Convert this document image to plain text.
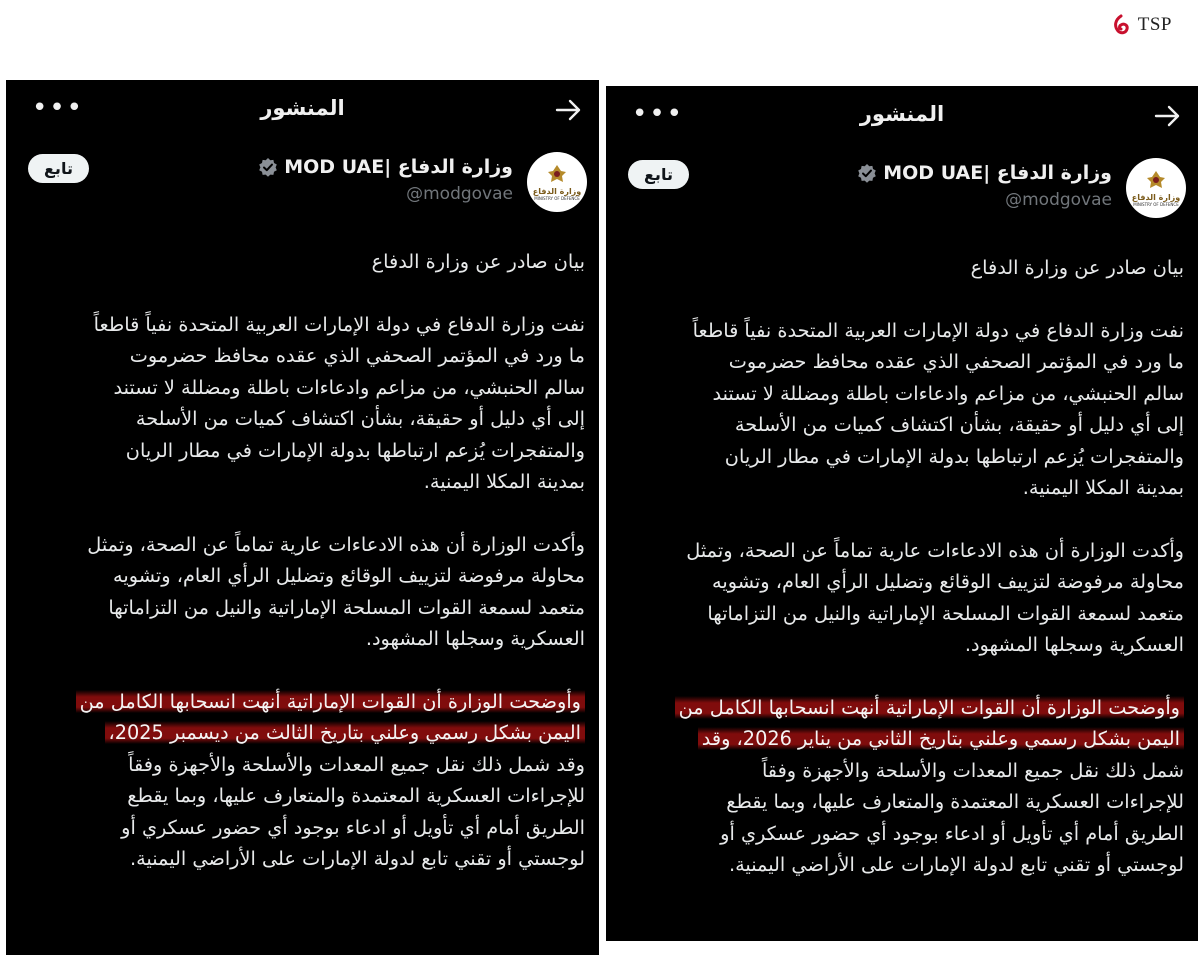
TSP
المنشور
•••
وزارة الدفاع
MINISTRY OF DEFENCE
وزارة الدفاع |MOD UAE
@modgovae
تابع

بيان صادر عن وزارة الدفاع

نفت وزارة الدفاع في دولة الإمارات العربية المتحدة نفياً قاطعاً
ما ورد في المؤتمر الصحفي الذي عقده محافظ حضرموت
سالم الحنبشي، من مزاعم وادعاءات باطلة ومضللة لا تستند
إلى أي دليل أو حقيقة، بشأن اكتشاف كميات من الأسلحة
والمتفجرات يُزعم ارتباطها بدولة الإمارات في مطار الريان
بمدينة المكلا اليمنية.

وأكدت الوزارة أن هذه الادعاءات عارية تماماً عن الصحة، وتمثل
محاولة مرفوضة لتزييف الوقائع وتضليل الرأي العام، وتشويه
متعمد لسمعة القوات المسلحة الإماراتية والنيل من التزاماتها
العسكرية وسجلها المشهود.

وأوضحت الوزارة أن القوات الإماراتية أنهت انسحابها الكامل من
اليمن بشكل رسمي وعلني بتاريخ الثالث من ديسمبر 2025،
وقد شمل ذلك نقل جميع المعدات والأسلحة والأجهزة وفقاً
للإجراءات العسكرية المعتمدة والمتعارف عليها، وبما يقطع
الطريق أمام أي تأويل أو ادعاء بوجود أي حضور عسكري أو
لوجستي أو تقني تابع لدولة الإمارات على الأراضي اليمنية.

المنشور
•••
وزارة الدفاع
MINISTRY OF DEFENCE
وزارة الدفاع |MOD UAE
@modgovae
تابع

بيان صادر عن وزارة الدفاع

نفت وزارة الدفاع في دولة الإمارات العربية المتحدة نفياً قاطعاً
ما ورد في المؤتمر الصحفي الذي عقده محافظ حضرموت
سالم الحنبشي، من مزاعم وادعاءات باطلة ومضللة لا تستند
إلى أي دليل أو حقيقة، بشأن اكتشاف كميات من الأسلحة
والمتفجرات يُزعم ارتباطها بدولة الإمارات في مطار الريان
بمدينة المكلا اليمنية.

وأكدت الوزارة أن هذه الادعاءات عارية تماماً عن الصحة، وتمثل
محاولة مرفوضة لتزييف الوقائع وتضليل الرأي العام، وتشويه
متعمد لسمعة القوات المسلحة الإماراتية والنيل من التزاماتها
العسكرية وسجلها المشهود.

وأوضحت الوزارة أن القوات الإماراتية أنهت انسحابها الكامل من
اليمن بشكل رسمي وعلني بتاريخ الثاني من يناير 2026، وقد
شمل ذلك نقل جميع المعدات والأسلحة والأجهزة وفقاً
للإجراءات العسكرية المعتمدة والمتعارف عليها، وبما يقطع
الطريق أمام أي تأويل أو ادعاء بوجود أي حضور عسكري أو
لوجستي أو تقني تابع لدولة الإمارات على الأراضي اليمنية.
